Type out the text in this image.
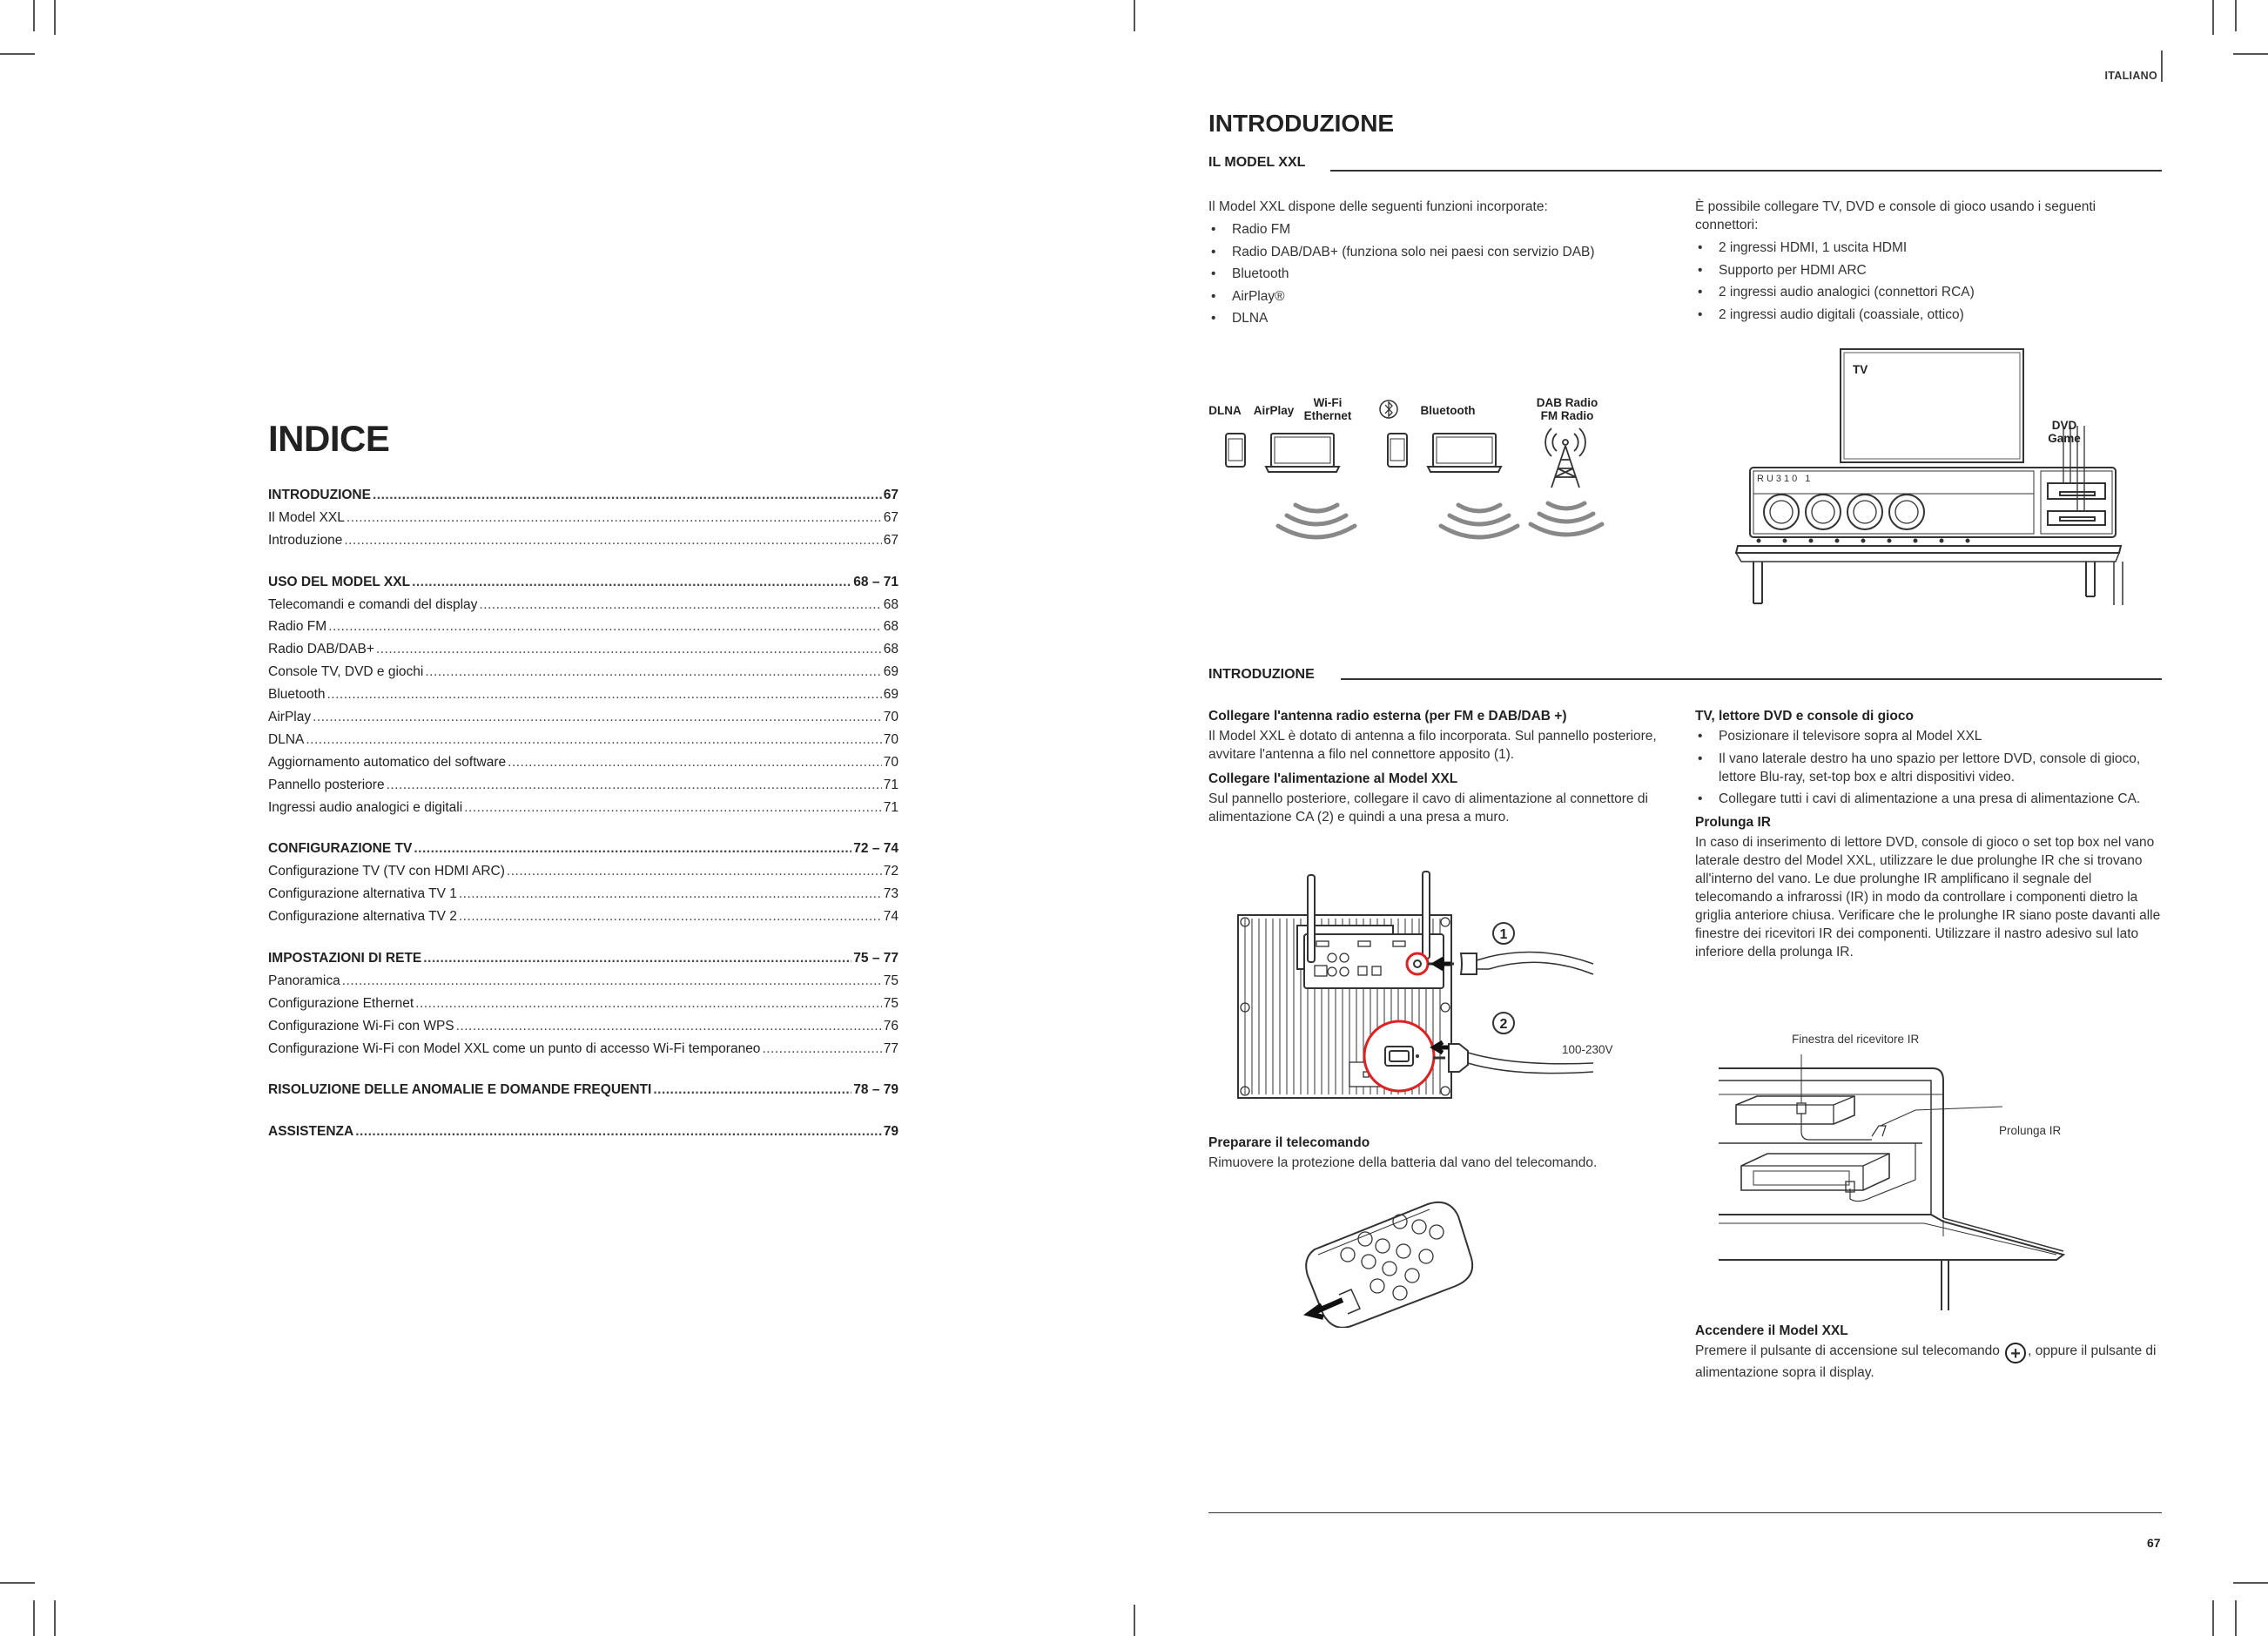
ITALIANO
INDICE
INTRODUZIONE .....	67
Il Model XXL .....	67
Introduzione .....	67
USO DEL MODEL XXL .....	68 – 71
Telecomandi e comandi del display .....	68
Radio FM .....	68
Radio DAB/DAB+ .....	68
Console TV, DVD e giochi .....	69
Bluetooth .....	69
AirPlay .....	70
DLNA .....	70
Aggiornamento automatico del software .....	70
Pannello posteriore .....	71
Ingressi audio analogici e digitali .....	71
CONFIGURAZIONE TV .....	72 – 74
Configurazione TV (TV con HDMI ARC) .....	72
Configurazione alternativa TV 1 .....	73
Configurazione alternativa TV 2 .....	74
IMPOSTAZIONI DI RETE .....	75 – 77
Panoramica .....	75
Configurazione Ethernet .....	75
Configurazione Wi-Fi con WPS .....	76
Configurazione Wi-Fi con Model XXL come un punto di accesso Wi-Fi temporaneo .....	77
RISOLUZIONE DELLE ANOMALIE E DOMANDE FREQUENTI .....	78 – 79
ASSISTENZA .....	79
INTRODUZIONE
IL MODEL XXL

Il Model XXL dispone delle seguenti funzioni incorporate:

• Radio FM
• Radio DAB/DAB+ (funziona solo nei paesi con servizio DAB)
• Bluetooth
• AirPlay®
• DLNA

È possibile collegare TV, DVD e console di gioco usando i seguenti connettori:

• 2 ingressi HDMI, 1 uscita HDMI
• Supporto per HDMI ARC
• 2 ingressi audio analogici (connettori RCA)
• 2 ingressi audio digitali (coassiale, ottico)
DLNA AirPlay
Wi-Fi Ethernet	Bluetooth
DAB Radio FM Radio
RU310 1
TV
DVD Game
INTRODUZIONE

Collegare l'antenna radio esterna (per FM e DAB/DAB +)

Il Model XXL è dotato di antenna a filo incorporata. Sul pannello posteriore, avvitare l'antenna a filo nel connettore apposito (1).

Collegare l'alimentazione al Model XXL

Sul pannello posteriore, collegare il cavo di alimentazione al connettore di alimentazione CA (2) e quindi a una presa a muro.

1
2
100-230V

Preparare il telecomando

Rimuovere la protezione della batteria dal vano del telecomando.

TV, lettore DVD e console di gioco

• Posizionare il televisore sopra al Model XXL
• Il vano laterale destro ha uno spazio per lettore DVD, console di gioco, lettore Blu-ray, set-top box e altri dispositivi video.
• Collegare tutti i cavi di alimentazione a una presa di alimentazione CA.

Prolunga IR

In caso di inserimento di lettore DVD, console di gioco o set top box nel vano laterale destro del Model XXL, utilizzare le due prolunghe IR che si trovano all'interno del vano. Le due prolunghe IR amplificano il segnale del telecomando a infrarossi (IR) in modo da controllare i componenti dietro la griglia anteriore chiusa. Verificare che le prolunghe IR siano poste davanti alle finestre dei ricevitori IR dei componenti. Utilizzare il nastro adesivo sul lato inferiore della prolunga IR.

Finestra del ricevitore IR
Prolunga IR

Accendere il Model XXL

Premere il pulsante di accensione sul telecomando + , oppure il pulsante di alimentazione sopra il display.

67
